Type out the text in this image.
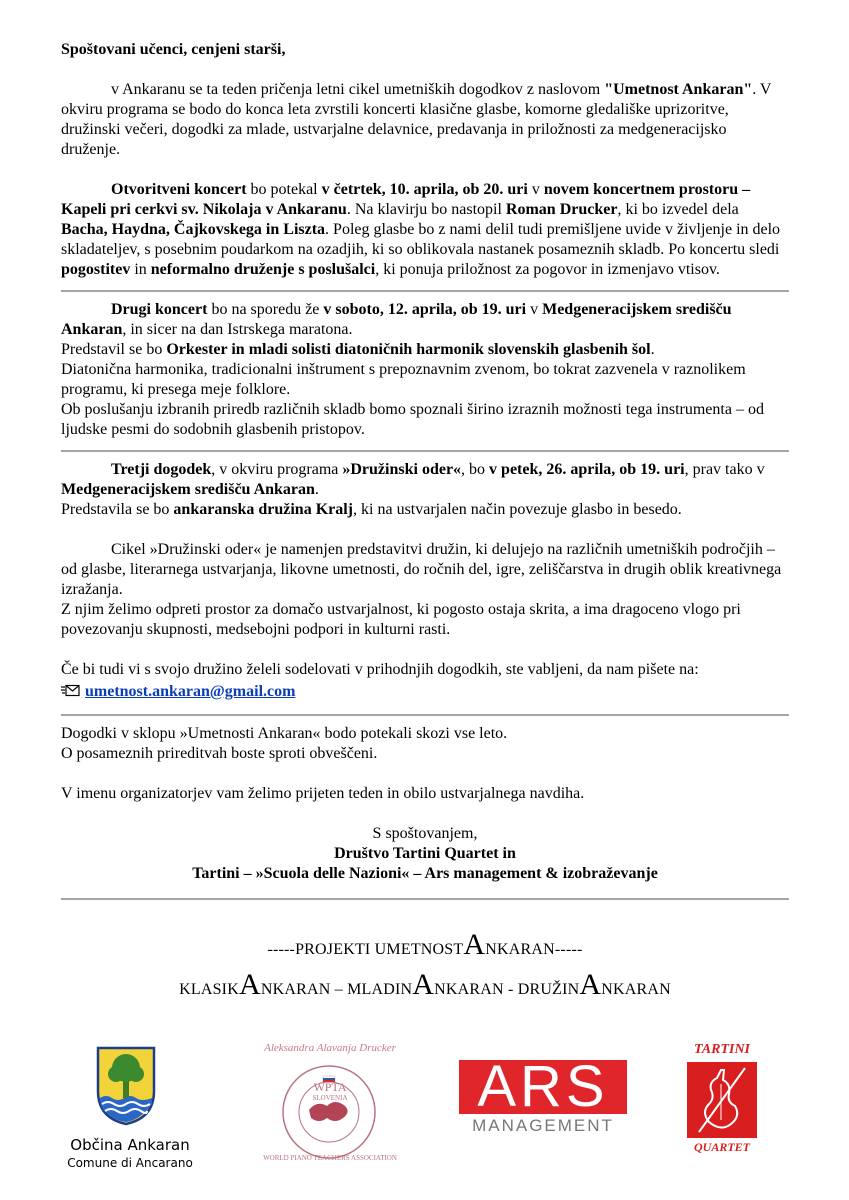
Spoštovani učenci, cenjeni starši,

v Ankaranu se ta teden pričenja letni cikel umetniških dogodkov z naslovom "Umetnost Ankaran". V okviru programa se bodo do konca leta zvrstili koncerti klasične glasbe, komorne gledališke uprizoritve, družinski večeri, dogodki za mlade, ustvarjalne delavnice, predavanja in priložnosti za medgeneracijsko druženje.

Otvoritveni koncert bo potekal v četrtek, 10. aprila, ob 20. uri v novem koncertnem prostoru – Kapeli pri cerkvi sv. Nikolaja v Ankaranu. Na klavirju bo nastopil Roman Drucker, ki bo izvedel dela Bacha, Haydna, Čajkovskega in Liszta. Poleg glasbe bo z nami delil tudi premišljene uvide v življenje in delo skladateljev, s posebnim poudarkom na ozadjih, ki so oblikovala nastanek posameznih skladb. Po koncertu sledi pogostitev in neformalno druženje s poslušalci, ki ponuja priložnost za pogovor in izmenjavo vtisov.

Drugi koncert bo na sporedu že v soboto, 12. aprila, ob 19. uri v Medgeneracijskem središču Ankaran, in sicer na dan Istrskega maratona.

Predstavil se bo Orkester in mladi solisti diatoničnih harmonik slovenskih glasbenih šol.

Diatonična harmonika, tradicionalni inštrument s prepoznavnim zvenom, bo tokrat zazvenela v raznolikem programu, ki presega meje folklore.

Ob poslušanju izbranih priredb različnih skladb bomo spoznali širino izraznih možnosti tega instrumenta – od ljudske pesmi do sodobnih glasbenih pristopov.

Tretji dogodek, v okviru programa »Družinski oder«, bo v petek, 26. aprila, ob 19. uri, prav tako v Medgeneracijskem središču Ankaran.

Predstavila se bo ankaranska družina Kralj, ki na ustvarjalen način povezuje glasbo in besedo.

Cikel »Družinski oder« je namenjen predstavitvi družin, ki delujejo na različnih umetniških področjih – od glasbe, literarnega ustvarjanja, likovne umetnosti, do ročnih del, igre, zeliščarstva in drugih oblik kreativnega izražanja.

Z njim želimo odpreti prostor za domačo ustvarjalnost, ki pogosto ostaja skrita, a ima dragoceno vlogo pri povezovanju skupnosti, medsebojni podpori in kulturni rasti.

Če bi tudi vi s svojo družino želeli sodelovati v prihodnjih dogodkih, ste vabljeni, da nam pišete na:

umetnost.ankaran@gmail.com

Dogodki v sklopu »Umetnosti Ankaran« bodo potekali skozi vse leto.

O posameznih prireditvah boste sproti obveščeni.

V imenu organizatorjev vam želimo prijeten teden in obilo ustvarjalnega navdiha.

S spoštovanjem,

Društvo Tartini Quartet in

Tartini – »Scuola delle Nazioni« – Ars management & izobraževanje

-----PROJEKTI UMETNOSTANKARAN-----

KLASIKANKARAN – MLADINANKARAN - DRUŽINANKARAN

Občina Ankaran
Comune di Ancarano
Aleksandra Alavanja Drucker
WPTA
SLOVENIA
WORLD PIANO TEACHERS ASSOCIATION
ARS
MANAGEMENT
TARTINI
QUARTET
